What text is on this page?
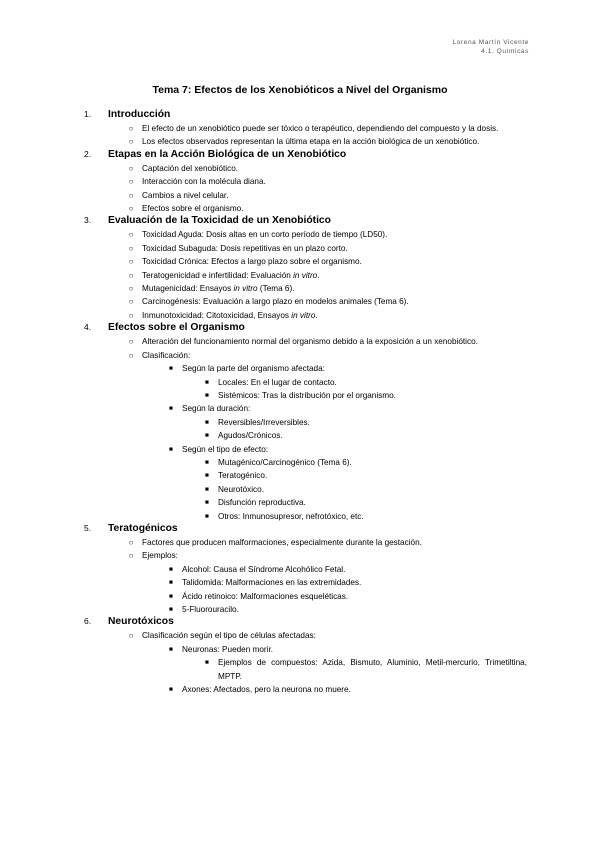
Lorena Martín Vicente
4.1. Químicas
Tema 7: Efectos de los Xenobióticos a Nivel del Organismo
1.	Introducción
○	El efecto de un xenobiótico puede ser tóxico o terapéutico, dependiendo del compuesto y la dosis.
○	Los efectos observados representan la última etapa en la acción biológica de un xenobiótico.
2.	Etapas en la Acción Biológica de un Xenobiótico
○	Captación del xenobiótico.
○	Interacción con la molécula diana.
○	Cambios a nivel celular.
○	Efectos sobre el organismo.
3.	Evaluación de la Toxicidad de un Xenobiótico
○	Toxicidad Aguda: Dosis altas en un corto período de tiempo (LD50).
○	Toxicidad Subaguda: Dosis repetitivas en un plazo corto.
○	Toxicidad Crónica: Efectos a largo plazo sobre el organismo.
○	Teratogenicidad e infertilidad: Evaluación in vitro.
○	Mutagenicidad: Ensayos in vitro (Tema 6).
○	Carcinogénesis: Evaluación a largo plazo en modelos animales (Tema 6).
○	Inmunotoxicidad: Citotoxicidad, Ensayos in vitro.
4.	Efectos sobre el Organismo
○	Alteración del funcionamiento normal del organismo debido a la exposición a un xenobiótico.
○	Clasificación:
■	Según la parte del organismo afectada:
■	Locales: En el lugar de contacto.
■	Sistémicos: Tras la distribución por el organismo.
■	Según la duración:
■	Reversibles/Irreversibles.
■	Agudos/Crónicos.
■	Según el tipo de efecto:
■	Mutagénico/Carcinogénico (Tema 6).
■	Teratogénico.
■	Neurotóxico.
■	Disfunción reproductiva.
■	Otros: Inmunosupresor, nefrotóxico, etc.
5.	Teratogénicos
○	Factores que producen malformaciones, especialmente durante la gestación.
○	Ejemplos:
■	Alcohol: Causa el Síndrome Alcohólico Fetal.
■	Talidomida: Malformaciones en las extremidades.
■	Ácido retinoico: Malformaciones esqueléticas.
■	5-Fluorouracilo.
6.	Neurotóxicos
○	Clasificación según el tipo de células afectadas:
■	Neuronas: Pueden morir.
■	Ejemplos de compuestos: Azida, Bismuto, Aluminio, Metil-mercurio, Trimetiltina, MPTP.
■	Axones: Afectados, pero la neurona no muere.
